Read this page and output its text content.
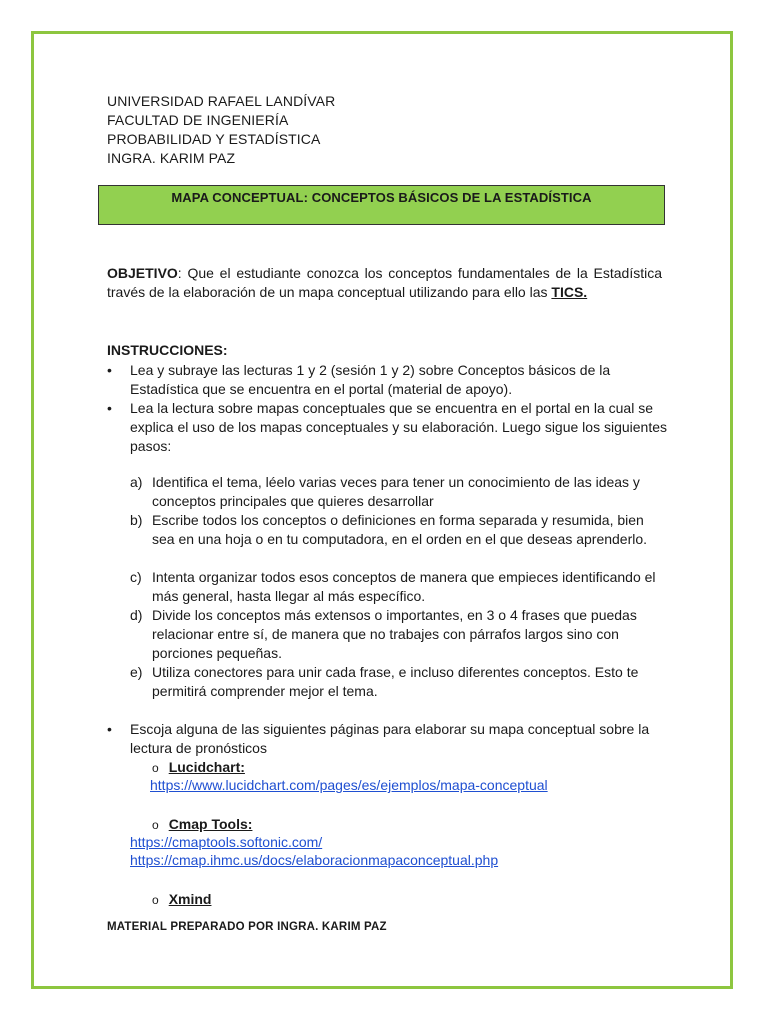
UNIVERSIDAD RAFAEL LANDÍVAR
FACULTAD DE INGENIERÍA
PROBABILIDAD Y ESTADÍSTICA
INGRA. KARIM PAZ
MAPA CONCEPTUAL: CONCEPTOS BÁSICOS DE LA ESTADÍSTICA
OBJETIVO: Que el estudiante conozca los conceptos fundamentales de la Estadística través de la elaboración de un mapa conceptual utilizando para ello las TICS.
INSTRUCCIONES:
• Lea y subraye las lecturas 1 y 2 (sesión 1 y 2) sobre Conceptos básicos de la Estadística que se encuentra en el portal (material de apoyo).
• Lea la lectura sobre mapas conceptuales que se encuentra en el portal en la cual se explica el uso de los mapas conceptuales y su elaboración. Luego sigue los siguientes pasos:
a) Identifica el tema, léelo varias veces para tener un conocimiento de las ideas y conceptos principales que quieres desarrollar
b) Escribe todos los conceptos o definiciones en forma separada y resumida, bien sea en una hoja o en tu computadora, en el orden en el que deseas aprenderlo.
c) Intenta organizar todos esos conceptos de manera que empieces identificando el más general, hasta llegar al más específico.
d) Divide los conceptos más extensos o importantes, en 3 o 4 frases que puedas relacionar entre sí, de manera que no trabajes con párrafos largos sino con porciones pequeñas.
e) Utiliza conectores para unir cada frase, e incluso diferentes conceptos. Esto te permitirá comprender mejor el tema.
• Escoja alguna de las siguientes páginas para elaborar su mapa conceptual sobre la lectura de pronósticos
o Lucidchart:
https://www.lucidchart.com/pages/es/ejemplos/mapa-conceptual
o Cmap Tools:
https://cmaptools.softonic.com/
https://cmap.ihmc.us/docs/elaboracionmapaconceptual.php
o Xmind
MATERIAL PREPARADO POR INGRA. KARIM PAZ
